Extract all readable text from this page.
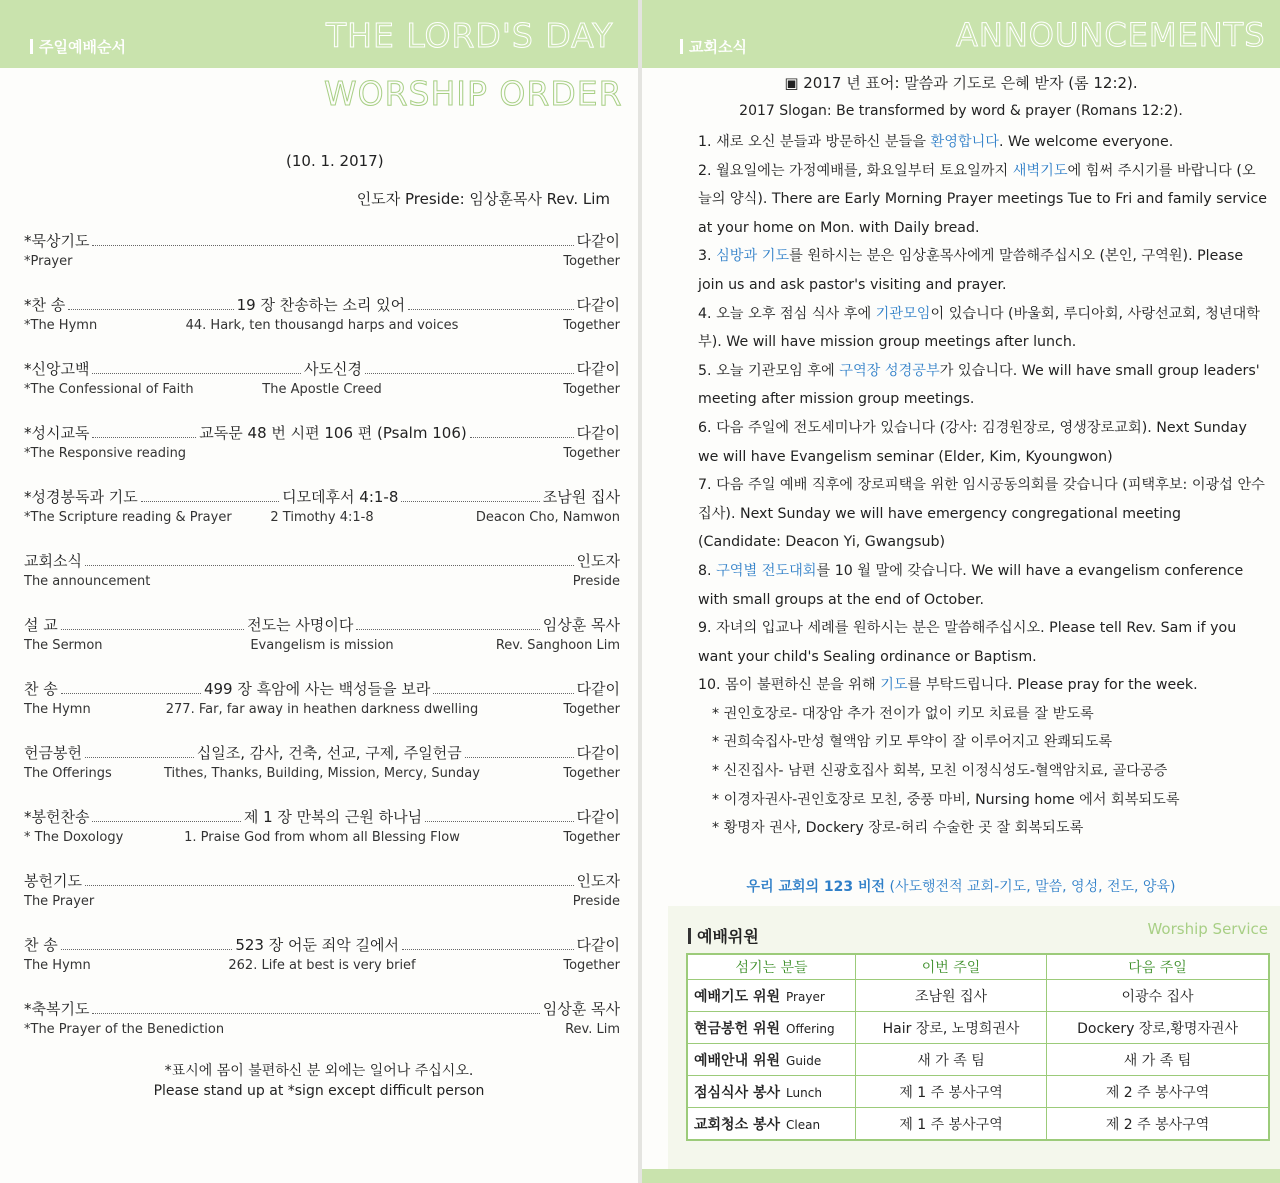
주일예배순서	THE LORD'S DAY
WORSHIP ORDER
(10. 1. 2017)
인도자 Preside: 임상훈목사 Rev. Lim
*묵상기도	다같이
*Prayer	Together
*찬 송	19 장 찬송하는 소리 있어	다같이
*The Hymn	44. Hark, ten thousangd harps and voices	Together
*신앙고백	사도신경	다같이
*The Confessional of Faith	The Apostle Creed	Together
*성시교독	교독문 48 번 시편 106 편 (Psalm 106)	다같이
*The Responsive reading	Together
*성경봉독과 기도	디모데후서 4:1-8	조남원 집사
*The Scripture reading & Prayer	2 Timothy 4:1-8	Deacon Cho, Namwon
교회소식	인도자
The announcement	Preside
설 교	전도는 사명이다	임상훈 목사
The Sermon	Evangelism is mission	Rev. Sanghoon Lim
찬 송	499 장 흑암에 사는 백성들을 보라	다같이
The Hymn	277. Far, far away in heathen darkness dwelling	Together
헌금봉헌	십일조, 감사, 건축, 선교, 구제, 주일헌금	다같이
The Offerings	Tithes, Thanks, Building, Mission, Mercy, Sunday	Together
*봉헌찬송	제 1 장 만복의 근원 하나님	다같이
* The Doxology	1. Praise God from whom all Blessing Flow	Together
봉헌기도	인도자
The Prayer	Preside
찬 송	523 장 어둔 죄악 길에서	다같이
The Hymn	262. Life at best is very brief	Together
*축복기도	임상훈 목사
*The Prayer of the Benediction	Rev. Lim
*표시에 몸이 불편하신 분 외에는 일어나 주십시오.
Please stand up at *sign except difficult person
교회소식	ANNOUNCEMENTS
▣ 2017 년 표어: 말씀과 기도로 은혜 받자 (롬 12:2).
2017 Slogan: Be transformed by word & prayer (Romans 12:2).

1. 새로 오신 분들과 방문하신 분들을 환영합니다. We welcome everyone.

2. 월요일에는 가정예배를, 화요일부터 토요일까지 새벽기도에 힘써 주시기를 바랍니다 (오늘의 양식). There are Early Morning Prayer meetings Tue to Fri and family service at your home on Mon. with Daily bread.

3. 심방과 기도를 원하시는 분은 임상훈목사에게 말씀해주십시오 (본인, 구역원). Please join us and ask pastor's visiting and prayer.

4. 오늘 오후 점심 식사 후에 기관모임이 있습니다 (바울회, 루디아회, 사랑선교회, 청년대학부). We will have mission group meetings after lunch.

5. 오늘 기관모임 후에 구역장 성경공부가 있습니다. We will have small group leaders' meeting after mission group meetings.

6. 다음 주일에 전도세미나가 있습니다 (강사: 김경원장로, 영생장로교회). Next Sunday we will have Evangelism seminar (Elder, Kim, Kyoungwon)

7. 다음 주일 예배 직후에 장로피택을 위한 임시공동의회를 갖습니다 (피택후보: 이광섭 안수집사). Next Sunday we will have emergency congregational meeting (Candidate: Deacon Yi, Gwangsub)

8. 구역별 전도대회를 10 월 말에 갖습니다. We will have a evangelism conference with small groups at the end of October.

9. 자녀의 입교나 세례를 원하시는 분은 말씀해주십시오. Please tell Rev. Sam if you want your child's Sealing ordinance or Baptism.

10. 몸이 불편하신 분을 위해 기도를 부탁드립니다. Please pray for the week.

* 권인호장로- 대장암 추가 전이가 없이 키모 치료를 잘 받도록

* 권희숙집사-만성 혈액암 키모 투약이 잘 이루어지고 완쾌되도록

* 신진집사- 남편 신광호집사 회복, 모친 이정식성도-혈액암치료, 골다공증

* 이경자권사-권인호장로 모친, 중풍 마비, Nursing home 에서 회복되도록

* 황명자 권사, Dockery 장로-허리 수술한 곳 잘 회복되도록

우리 교회의 123 비전 (사도행전적 교회-기도, 말씀, 영성, 전도, 양육)
예배위원	Worship Service
섬기는 분들	이번 주일	다음 주일
예배기도 위원 Prayer	조남원 집사	이광수 집사
현금봉헌 위원 Offering	Hair 장로, 노명희권사	Dockery 장로,황명자권사
예배안내 위원 Guide	새 가 족 팀	새 가 족 팀
점심식사 봉사 Lunch	제 1 주 봉사구역	제 2 주 봉사구역
교회청소 봉사 Clean	제 1 주 봉사구역	제 2 주 봉사구역
